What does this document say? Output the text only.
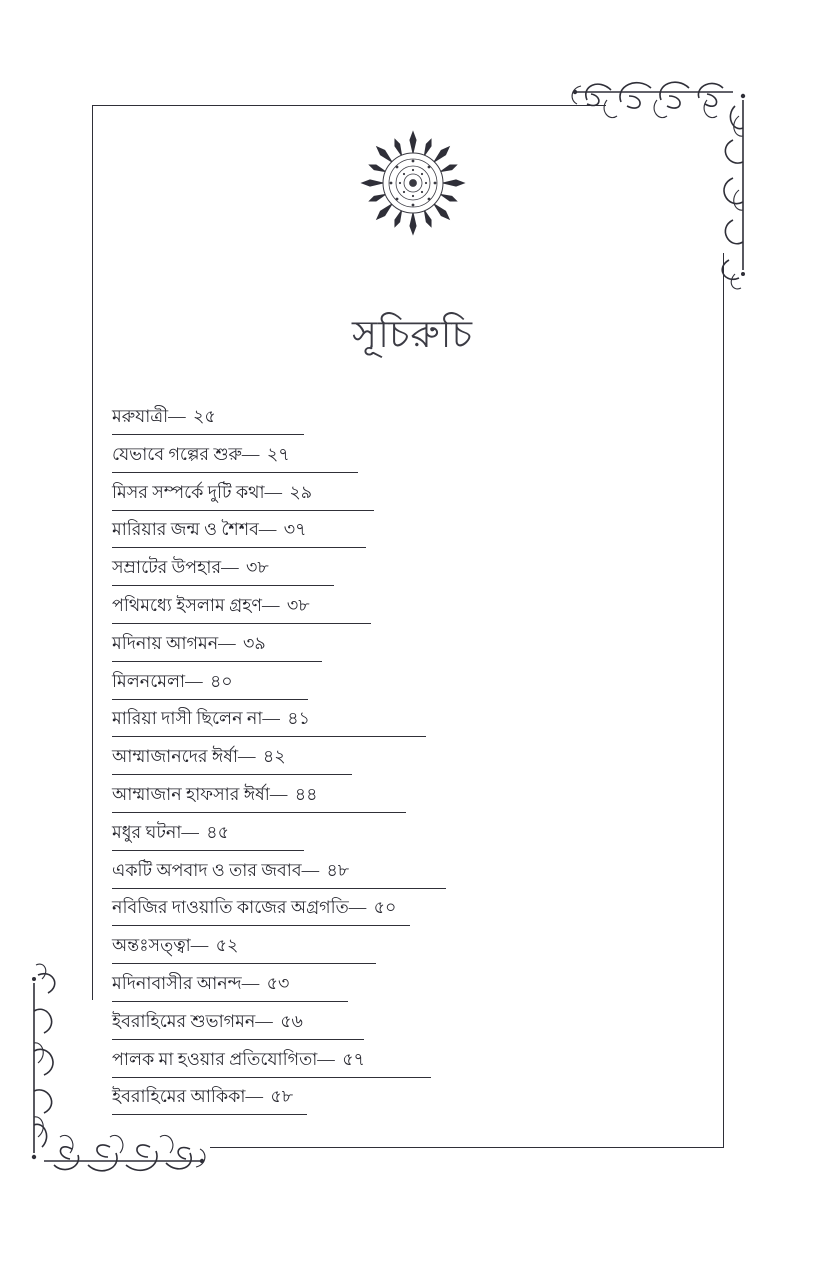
সূচিরুচি
মরুযাত্রী— ২৫
যেভাবে গল্পের শুরু— ২৭
মিসর সম্পর্কে দুটি কথা— ২৯
মারিয়ার জন্ম ও শৈশব— ৩৭
সম্রাটের উপহার— ৩৮
পথিমধ্যে ইসলাম গ্রহণ— ৩৮
মদিনায় আগমন— ৩৯
মিলনমেলা— ৪০
মারিয়া দাসী ছিলেন না— ৪১
আম্মাজানদের ঈর্ষা— ৪২
আম্মাজান হাফসার ঈর্ষা— ৪৪
মধুর ঘটনা— ৪৫
একটি অপবাদ ও তার জবাব— ৪৮
নবিজির দাওয়াতি কাজের অগ্রগতি— ৫০
অন্তঃসত্ত্বা— ৫২
মদিনাবাসীর আনন্দ— ৫৩
ইবরাহিমের শুভাগমন— ৫৬
পালক মা হওয়ার প্রতিযোগিতা— ৫৭
ইবরাহিমের আকিকা— ৫৮
